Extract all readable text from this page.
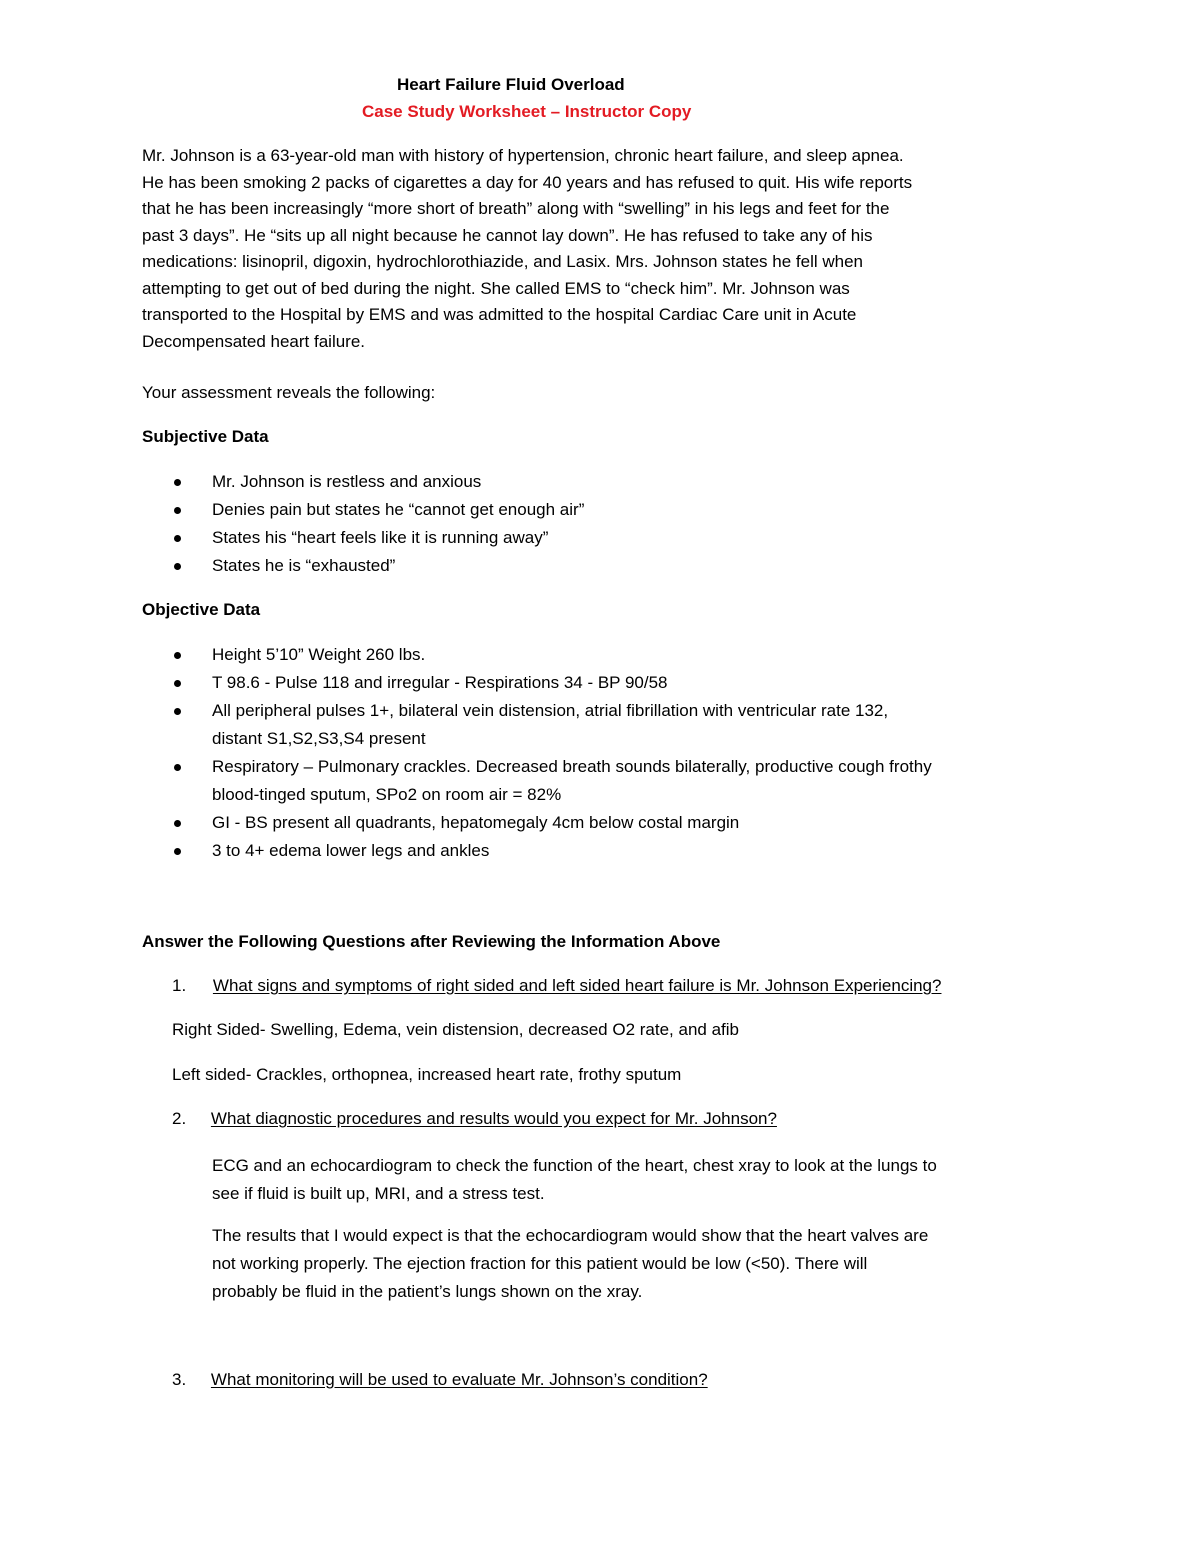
Heart Failure Fluid Overload
Case Study Worksheet – Instructor Copy
Mr. Johnson is a 63-year-old man with history of hypertension, chronic heart failure, and sleep apnea.
He has been smoking 2 packs of cigarettes a day for 40 years and has refused to quit. His wife reports
that he has been increasingly “more short of breath” along with “swelling” in his legs and feet for the
past 3 days”. He “sits up all night because he cannot lay down”. He has refused to take any of his
medications: lisinopril, digoxin, hydrochlorothiazide, and Lasix. Mrs. Johnson states he fell when
attempting to get out of bed during the night. She called EMS to “check him”. Mr. Johnson was
transported to the Hospital by EMS and was admitted to the hospital Cardiac Care unit in Acute
Decompensated heart failure.
Your assessment reveals the following:
Subjective Data
Mr. Johnson is restless and anxious
Denies pain but states he “cannot get enough air”
States his “heart feels like it is running away”
States he is “exhausted”
Objective Data
Height 5’10” Weight 260 lbs.
T 98.6 - Pulse 118 and irregular - Respirations 34 - BP 90/58
All peripheral pulses 1+, bilateral vein distension, atrial fibrillation with ventricular rate 132,
distant S1,S2,S3,S4 present
Respiratory – Pulmonary crackles. Decreased breath sounds bilaterally, productive cough frothy
blood-tinged sputum, SPo2 on room air = 82%
GI - BS present all quadrants, hepatomegaly 4cm below costal margin
3 to 4+ edema lower legs and ankles
Answer the Following Questions after Reviewing the Information Above
1. What signs and symptoms of right sided and left sided heart failure is Mr. Johnson Experiencing?
Right Sided- Swelling, Edema, vein distension, decreased O2 rate, and afib
Left sided- Crackles, orthopnea, increased heart rate, frothy sputum
2. What diagnostic procedures and results would you expect for Mr. Johnson?
ECG and an echocardiogram to check the function of the heart, chest xray to look at the lungs to
see if fluid is built up, MRI, and a stress test.
The results that I would expect is that the echocardiogram would show that the heart valves are
not working properly. The ejection fraction for this patient would be low (<50). There will
probably be fluid in the patient’s lungs shown on the xray.
3. What monitoring will be used to evaluate Mr. Johnson’s condition?
